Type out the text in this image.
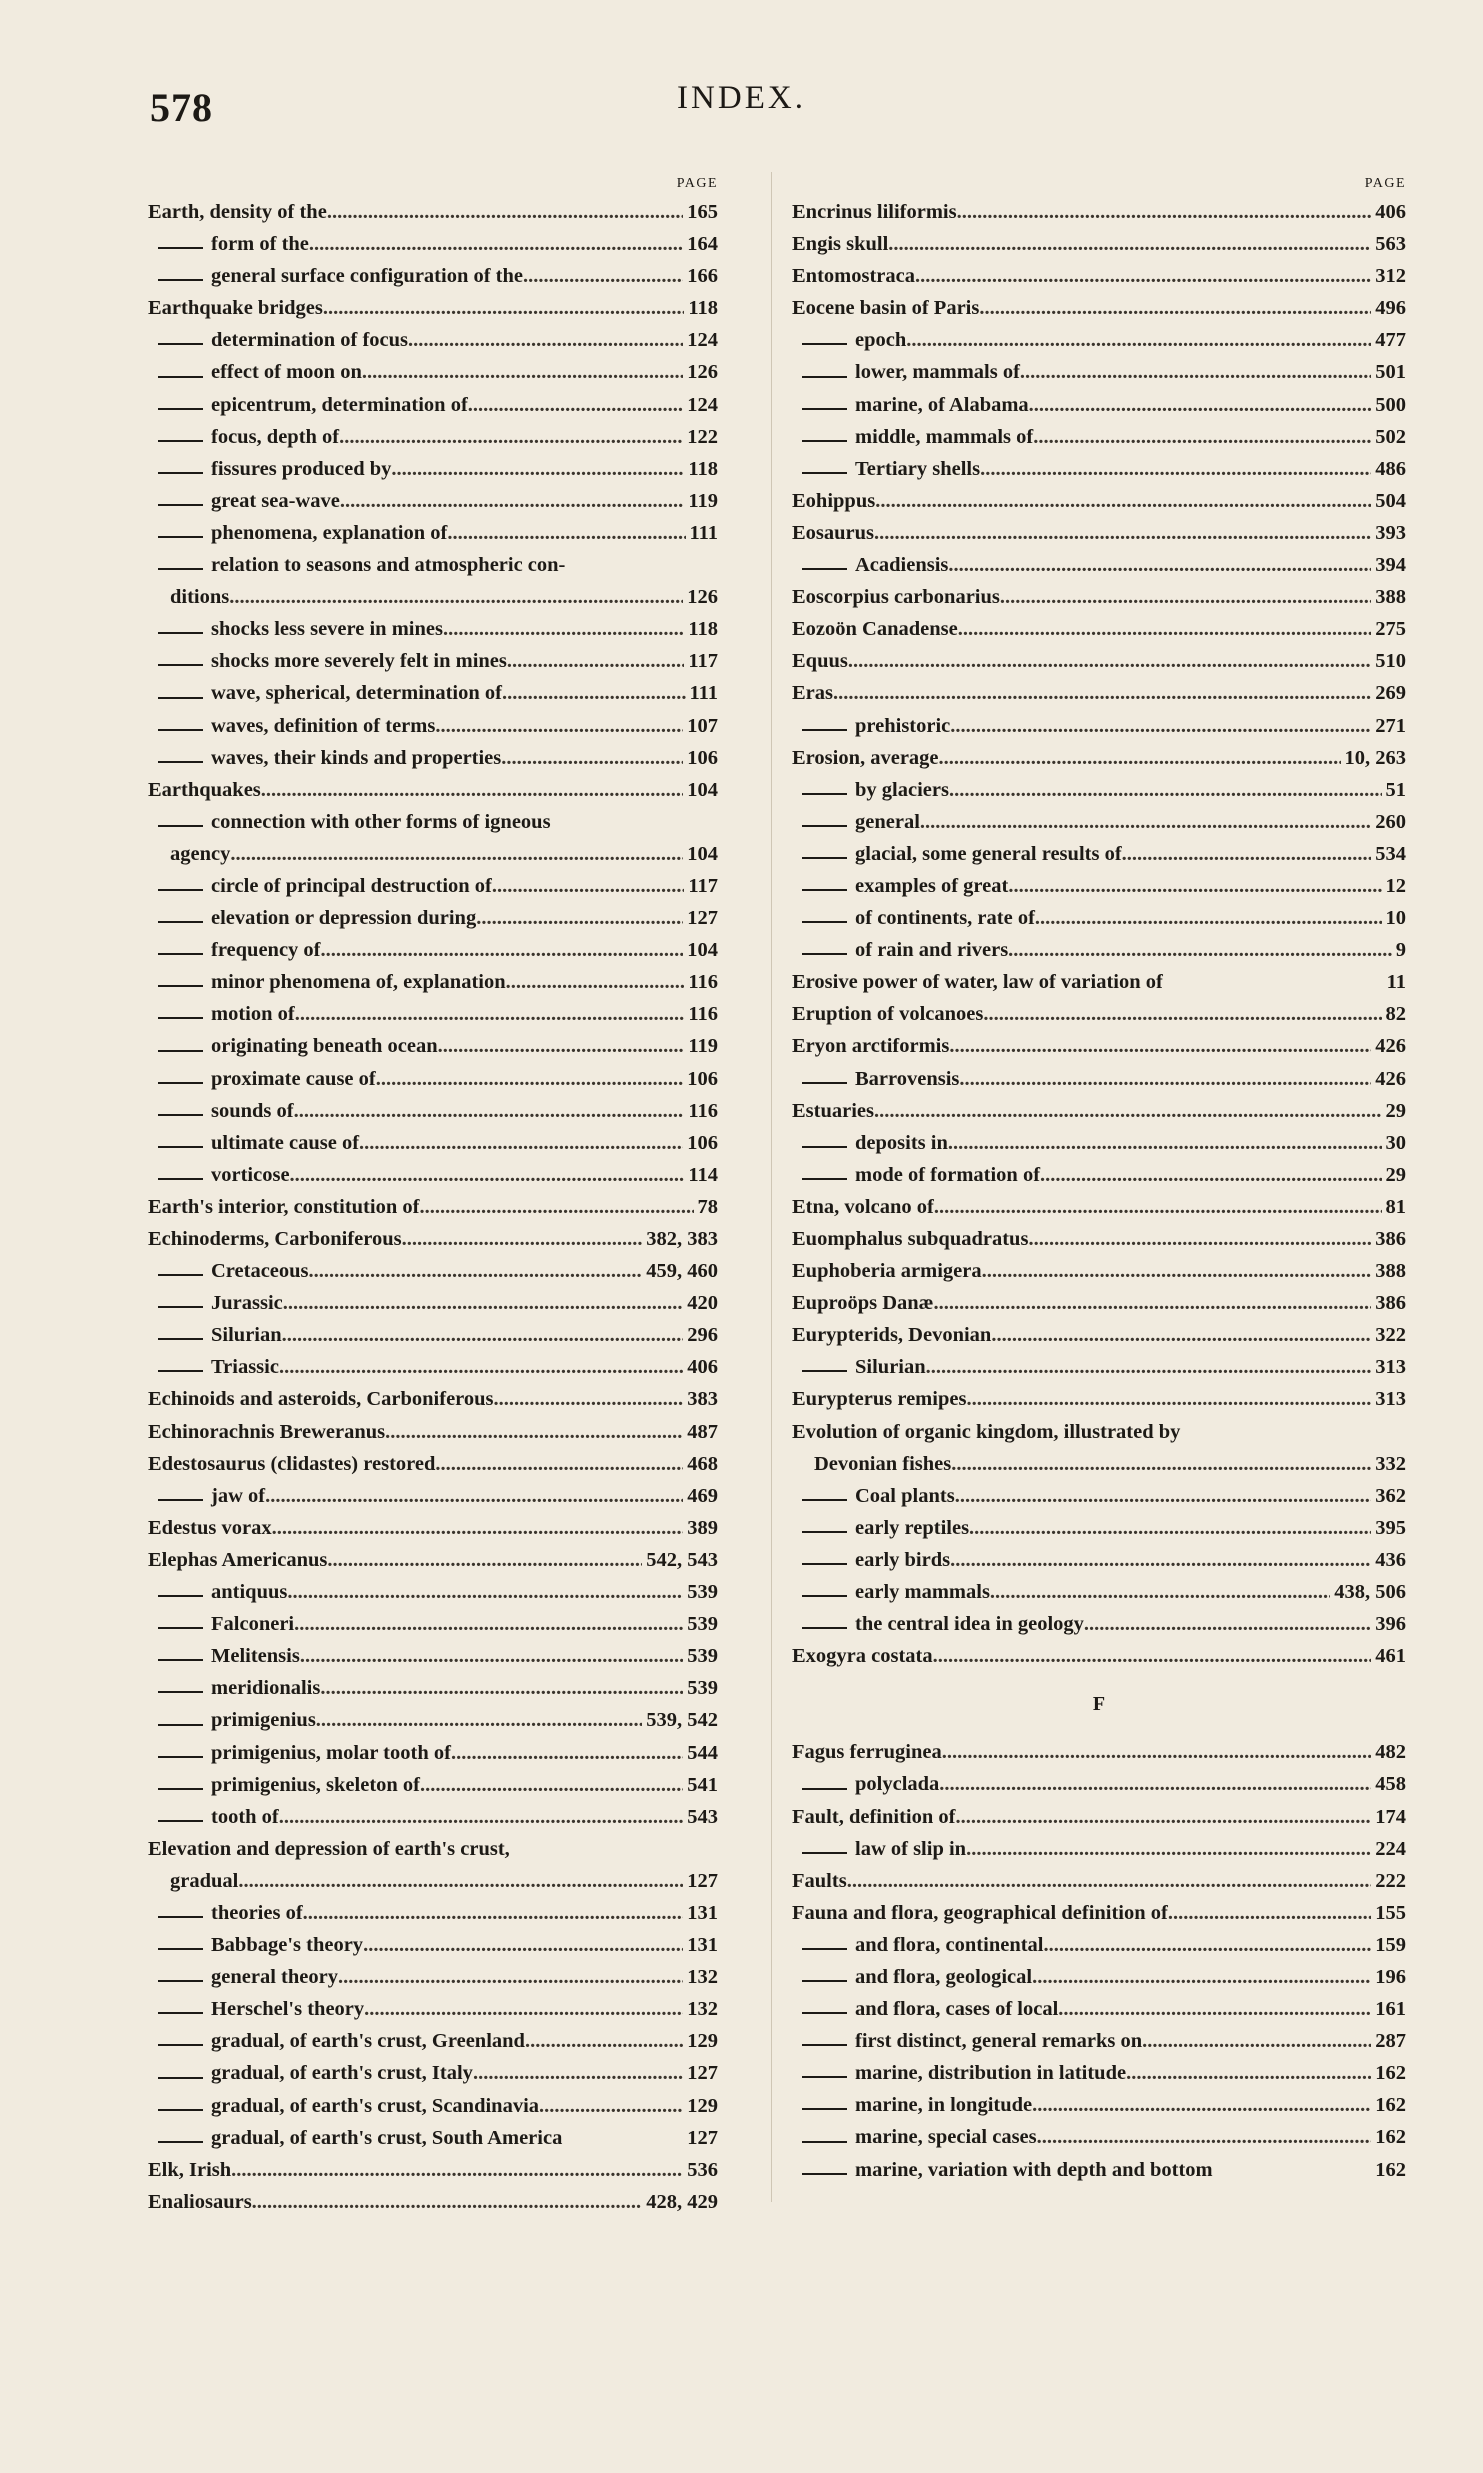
578	INDEX.
PAGE
Earth, density of the .....	165
form of the .....	164
general surface configuration of the .....	166
Earthquake bridges .....	118
determination of focus .....	124
effect of moon on .....	126
epicentrum, determination of .....	124
focus, depth of .....	122
fissures produced by .....	118
great sea-wave .....	119
phenomena, explanation of .....	111
relation to seasons and atmospheric con-
ditions .....	126
shocks less severe in mines .....	118
shocks more severely felt in mines .....	117
wave, spherical, determination of .....	111
waves, definition of terms .....	107
waves, their kinds and properties .....	106
Earthquakes .....	104
connection with other forms of igneous
agency .....	104
circle of principal destruction of .....	117
elevation or depression during .....	127
frequency of .....	104
minor phenomena of, explanation .....	116
motion of .....	116
originating beneath ocean .....	119
proximate cause of .....	106
sounds of .....	116
ultimate cause of .....	106
vorticose .....	114
Earth's interior, constitution of .....	78
Echinoderms, Carboniferous .....	382, 383
Cretaceous .....	459, 460
Jurassic .....	420
Silurian .....	296
Triassic .....	406
Echinoids and asteroids, Carboniferous .....	383
Echinorachnis Breweranus .....	487
Edestosaurus (clidastes) restored .....	468
jaw of .....	469
Edestus vorax .....	389
Elephas Americanus .....	542, 543
antiquus .....	539
Falconeri .....	539
Melitensis .....	539
meridionalis .....	539
primigenius .....	539, 542
primigenius, molar tooth of .....	544
primigenius, skeleton of .....	541
tooth of .....	543
Elevation and depression of earth's crust,
gradual .....	127
theories of .....	131
Babbage's theory .....	131
general theory .....	132
Herschel's theory .....	132
gradual, of earth's crust, Greenland .....	129
gradual, of earth's crust, Italy .....	127
gradual, of earth's crust, Scandinavia .....	129
gradual, of earth's crust, South America	127
Elk, Irish .....	536
Enaliosaurs .....	428, 429
PAGE
Encrinus liliformis .....	406
Engis skull .....	563
Entomostraca .....	312
Eocene basin of Paris .....	496
epoch .....	477
lower, mammals of .....	501
marine, of Alabama .....	500
middle, mammals of .....	502
Tertiary shells .....	486
Eohippus .....	504
Eosaurus .....	393
Acadiensis .....	394
Eoscorpius carbonarius .....	388
Eozoön Canadense .....	275
Equus .....	510
Eras .....	269
prehistoric .....	271
Erosion, average .....	10, 263
by glaciers .....	51
general .....	260
glacial, some general results of .....	534
examples of great .....	12
of continents, rate of .....	10
of rain and rivers .....	9
Erosive power of water, law of variation of	11
Eruption of volcanoes .....	82
Eryon arctiformis .....	426
Barrovensis .....	426
Estuaries .....	29
deposits in .....	30
mode of formation of .....	29
Etna, volcano of .....	81
Euomphalus subquadratus .....	386
Euphoberia armigera .....	388
Euproöps Danæ .....	386
Eurypterids, Devonian .....	322
Silurian .....	313
Eurypterus remipes .....	313
Evolution of organic kingdom, illustrated by
Devonian fishes .....	332
Coal plants .....	362
early reptiles .....	395
early birds .....	436
early mammals .....	438, 506
the central idea in geology .....	396
Exogyra costata .....	461
F
Fagus ferruginea .....	482
polyclada .....	458
Fault, definition of .....	174
law of slip in .....	224
Faults .....	222
Fauna and flora, geographical definition of .....	155
and flora, continental .....	159
and flora, geological .....	196
and flora, cases of local .....	161
first distinct, general remarks on .....	287
marine, distribution in latitude .....	162
marine, in longitude .....	162
marine, special cases .....	162
marine, variation with depth and bottom	162
